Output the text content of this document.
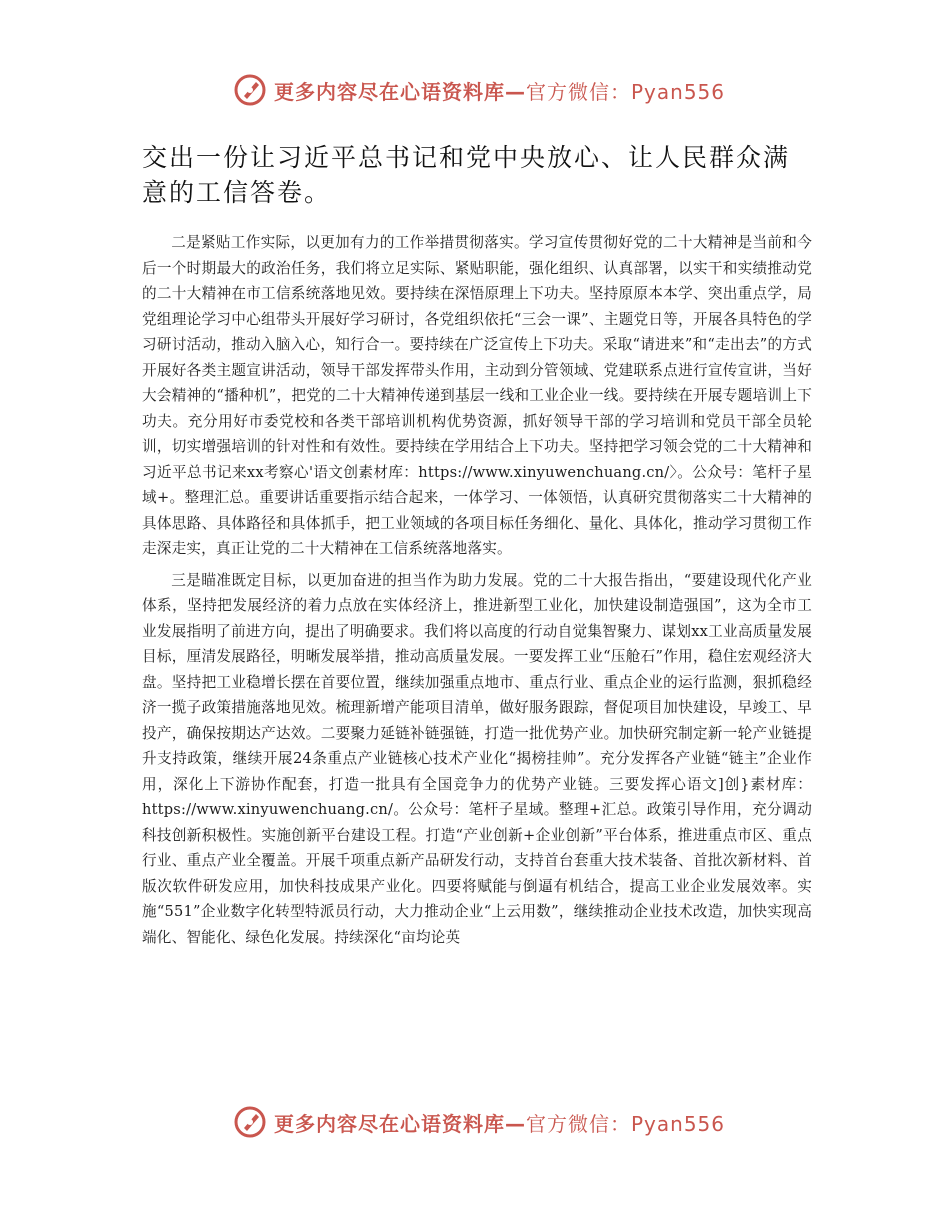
更多内容尽在心语资料库—官方微信：Pyan556
交出一份让习近平总书记和党中央放心、让人民群众满意的工信答卷。

二是紧贴工作实际，以更加有力的工作举措贯彻落实。学习宣传贯彻好党的二十大精神是当前和今后一个时期最大的政治任务，我们将立足实际、紧贴职能，强化组织、认真部署，以实干和实绩推动党的二十大精神在市工信系统落地见效。要持续在深悟原理上下功夫。坚持原原本本学、突出重点学，局党组理论学习中心组带头开展好学习研讨，各党组织依托“三会一课”、主题党日等，开展各具特色的学习研讨活动，推动入脑入心，知行合一。要持续在广泛宣传上下功夫。采取“请进来”和“走出去”的方式开展好各类主题宣讲活动，领导干部发挥带头作用，主动到分管领域、党建联系点进行宣传宣讲，当好大会精神的“播种机”，把党的二十大精神传递到基层一线和工业企业一线。要持续在开展专题培训上下功夫。充分用好市委党校和各类干部培训机构优势资源，抓好领导干部的学习培训和党员干部全员轮训，切实增强培训的针对性和有效性。要持续在学用结合上下功夫。坚持把学习领会党的二十大精神和习近平总书记来xx考察心'语文创素材库：https://www.xinyuwenchuang.cn/〉。公众号：笔杆子星域+。整理汇总。重要讲话重要指示结合起来，一体学习、一体领悟，认真研究贯彻落实二十大精神的具体思路、具体路径和具体抓手，把工业领域的各项目标任务细化、量化、具体化，推动学习贯彻工作走深走实，真正让党的二十大精神在工信系统落地落实。

三是瞄准既定目标，以更加奋进的担当作为助力发展。党的二十大报告指出，“要建设现代化产业体系，坚持把发展经济的着力点放在实体经济上，推进新型工业化，加快建设制造强国”，这为全市工业发展指明了前进方向，提出了明确要求。我们将以高度的行动自觉集智聚力、谋划xx工业高质量发展目标，厘清发展路径，明晰发展举措，推动高质量发展。一要发挥工业“压舱石”作用，稳住宏观经济大盘。坚持把工业稳增长摆在首要位置，继续加强重点地市、重点行业、重点企业的运行监测，狠抓稳经济一揽子政策措施落地见效。梳理新增产能项目清单，做好服务跟踪，督促项目加快建设，早竣工、早投产，确保按期达产达效。二要聚力延链补链强链，打造一批优势产业。加快研究制定新一轮产业链提升支持政策，继续开展24条重点产业链核心技术产业化“揭榜挂帅”。充分发挥各产业链“链主”企业作用，深化上下游协作配套，打造一批具有全国竞争力的优势产业链。三要发挥心语文]创}素材库：https://www.xinyuwenchuang.cn/。公众号：笔杆子星域。整理+汇总。政策引导作用，充分调动科技创新积极性。实施创新平台建设工程。打造“产业创新+企业创新”平台体系，推进重点市区、重点行业、重点产业全覆盖。开展千项重点新产品研发行动，支持首台套重大技术装备、首批次新材料、首版次软件研发应用，加快科技成果产业化。四要将赋能与倒逼有机结合，提高工业企业发展效率。实施“551”企业数字化转型特派员行动，大力推动企业“上云用数”，继续推动企业技术改造，加快实现高端化、智能化、绿色化发展。持续深化“亩均论英

更多内容尽在心语资料库—官方微信：Pyan556
